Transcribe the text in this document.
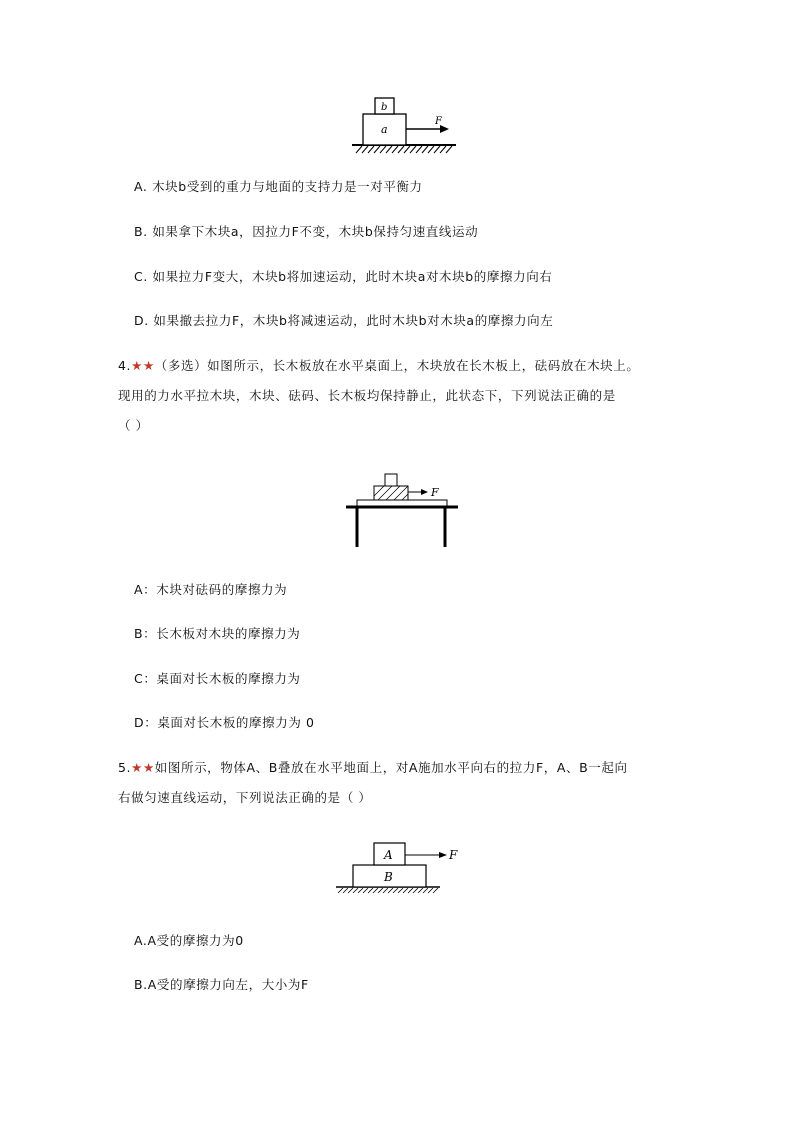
b
a
F
F
A
B
F
A. 木块b受到的重力与地面的支持力是一对平衡力
B. 如果拿下木块a，因拉力F不变，木块b保持匀速直线运动
C. 如果拉力F变大，木块b将加速运动，此时木块a对木块b的摩擦力向右
D. 如果撤去拉力F，木块b将减速运动，此时木块b对木块a的摩擦力向左
4.★★（多选）如图所示，长木板放在水平桌面上，木块放在长木板上，砝码放在木块上。
现用的力水平拉木块，木块、砝码、长木板均保持静止，此状态下，下列说法正确的是
（ ）
A：木块对砝码的摩擦力为
B：长木板对木块的摩擦力为
C：桌面对长木板的摩擦力为
D：桌面对长木板的摩擦力为 0
5.★★如图所示，物体A、B叠放在水平地面上，对A施加水平向右的拉力F，A、B一起向
右做匀速直线运动，下列说法正确的是（ ）
A.A受的摩擦力为0
B.A受的摩擦力向左，大小为F
